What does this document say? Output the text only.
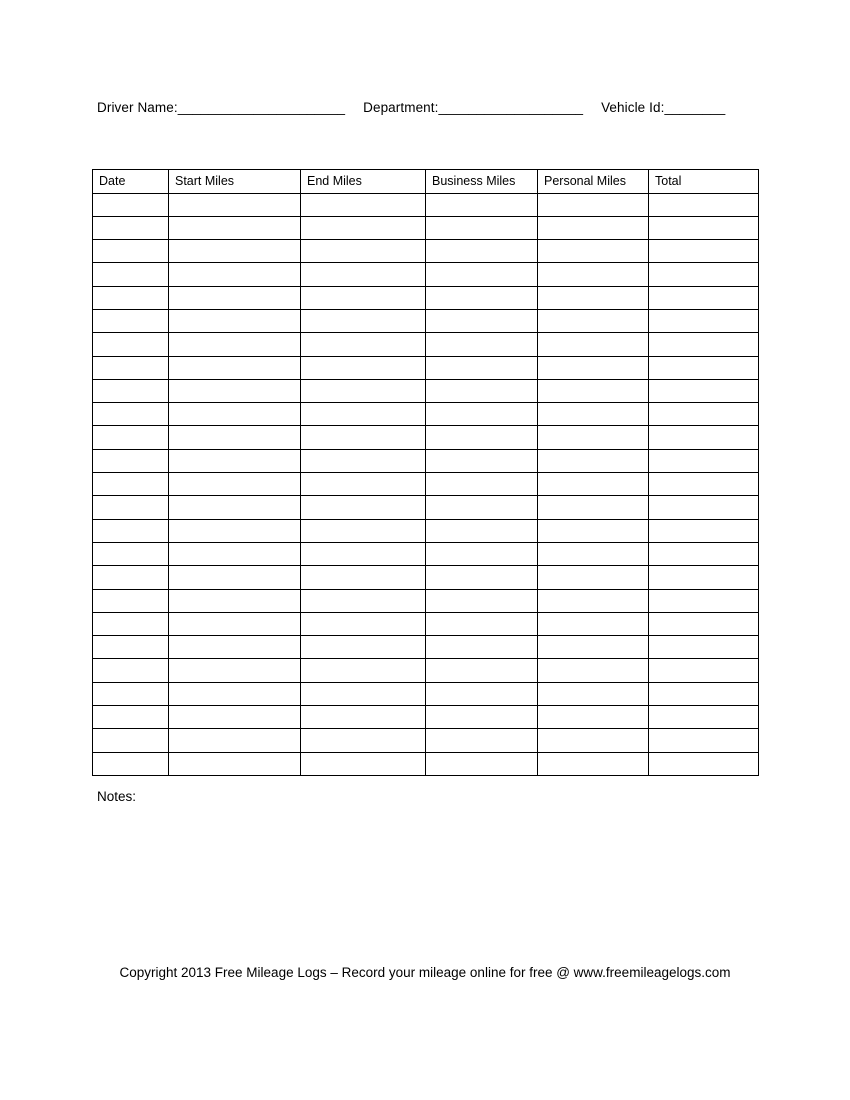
Driver Name:______________________ Department:___________________ Vehicle Id:________
Date	Start Miles	End Miles	Business Miles	Personal Miles	Total

Notes:
Copyright 2013 Free Mileage Logs – Record your mileage online for free @ www.freemileagelogs.com
